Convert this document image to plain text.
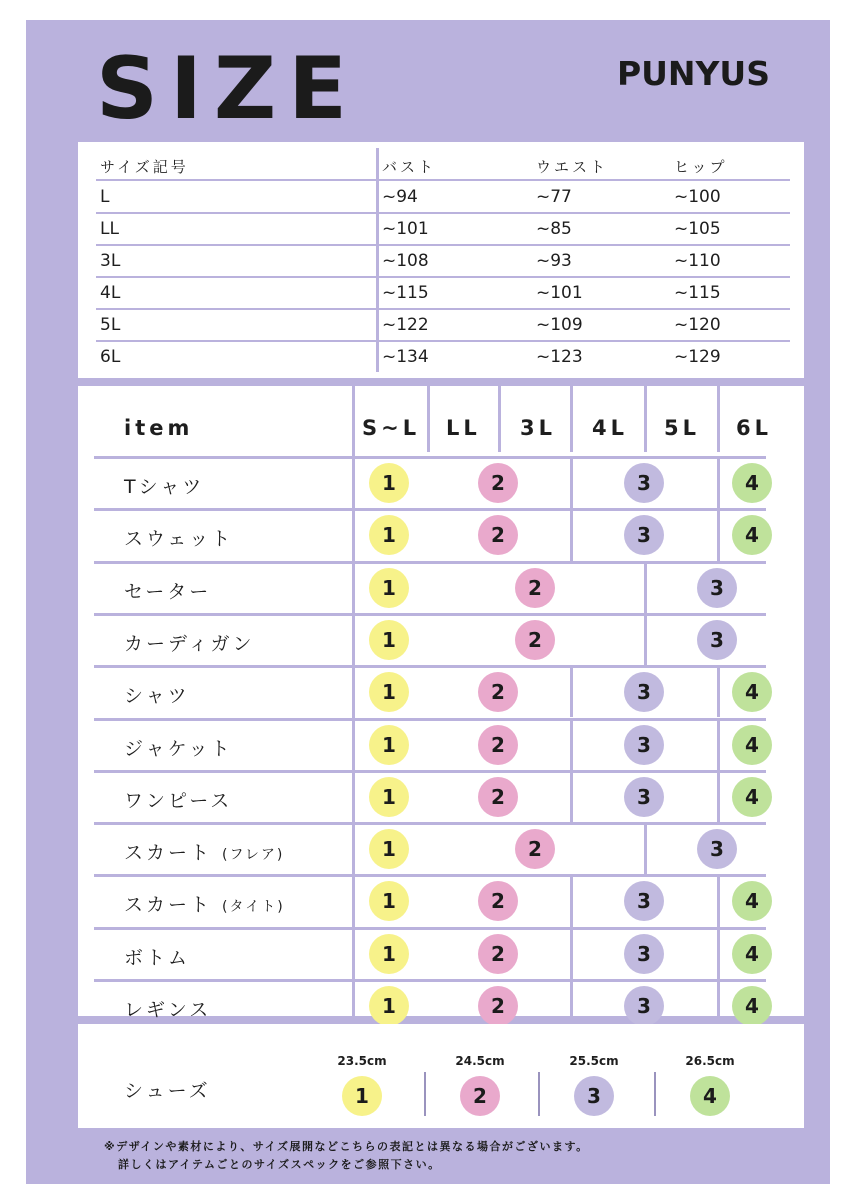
SIZE	PUNYUS
サイズ記号	バスト	ウエスト	ヒップ
L	~94	~77	~100
LL	~101	~85	~105
3L	~108	~93	~110
4L	~115	~101	~115
5L	~122	~109	~120
6L	~134	~123	~129
item	S~L LL 3L 4L 5L 6L
Tシャツ	1	2	3	4
スウェット	1	2	3	4
セーター	1	2	3
カーディガン	1	2	3
シャツ	1	2	3	4
ジャケット	1	2	3	4
ワンピース	1	2	3	4
スカート (フレア)	1	2	3
スカート (タイト)	1	2	3	4
ボトム	1	2	3	4
レギンス	1	2	3	4
シューズ
23.5cm	24.5cm	25.5cm	26.5cm
1	2	3	4
※デザインや素材により、サイズ展開などこちらの表記とは異なる場合がございます。
詳しくはアイテムごとのサイズスペックをご参照下さい。
